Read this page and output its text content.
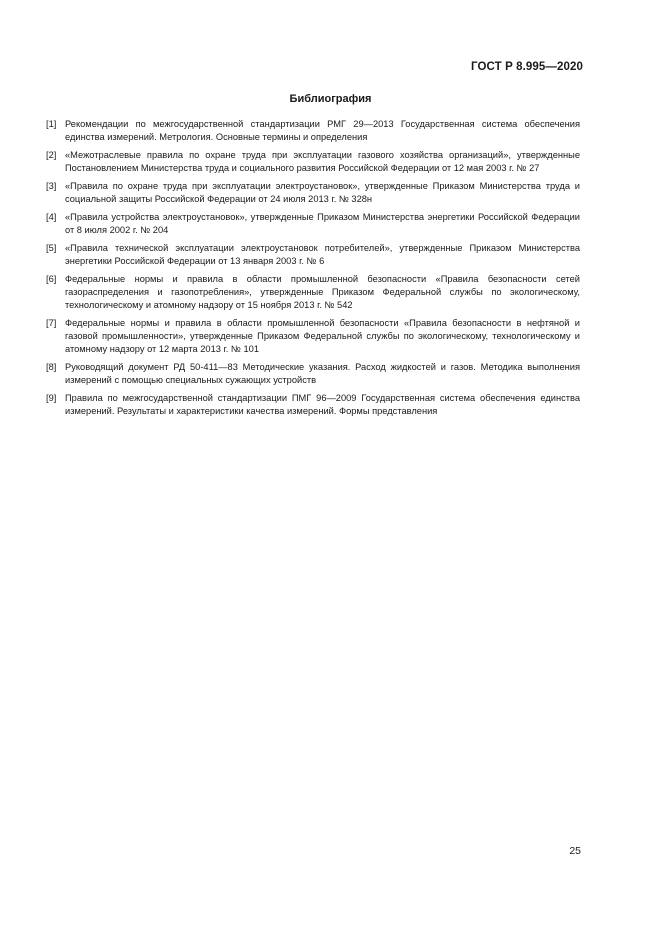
ГОСТ Р 8.995—2020
Библиография
[1] Рекомендации по межгосударственной стандартизации РМГ 29—2013 Государственная система обеспечения единства измерений. Метрология. Основные термины и определения
[2] «Межотраслевые правила по охране труда при эксплуатации газового хозяйства организаций», утвержденные Постановлением Министерства труда и социального развития Российской Федерации от 12 мая 2003 г. № 27
[3] «Правила по охране труда при эксплуатации электроустановок», утвержденные Приказом Министерства труда и социальной защиты Российской Федерации от 24 июля 2013 г. № 328н
[4] «Правила устройства электроустановок», утвержденные Приказом Министерства энергетики Российской Федерации от 8 июля 2002 г. № 204
[5] «Правила технической эксплуатации электроустановок потребителей», утвержденные Приказом Министерства энергетики Российской Федерации от 13 января 2003 г. № 6
[6] Федеральные нормы и правила в области промышленной безопасности «Правила безопасности сетей газораспределения и газопотребления», утвержденные Приказом Федеральной службы по экологическому, технологическому и атомному надзору от 15 ноября 2013 г. № 542
[7] Федеральные нормы и правила в области промышленной безопасности «Правила безопасности в нефтяной и газовой промышленности», утвержденные Приказом Федеральной службы по экологическому, технологическому и атомному надзору от 12 марта 2013 г. № 101
[8] Руководящий документ РД 50-411—83 Методические указания. Расход жидкостей и газов. Методика выполнения измерений с помощью специальных сужающих устройств
[9] Правила по межгосударственной стандартизации ПМГ 96—2009 Государственная система обеспечения единства измерений. Результаты и характеристики качества измерений. Формы представления
25
